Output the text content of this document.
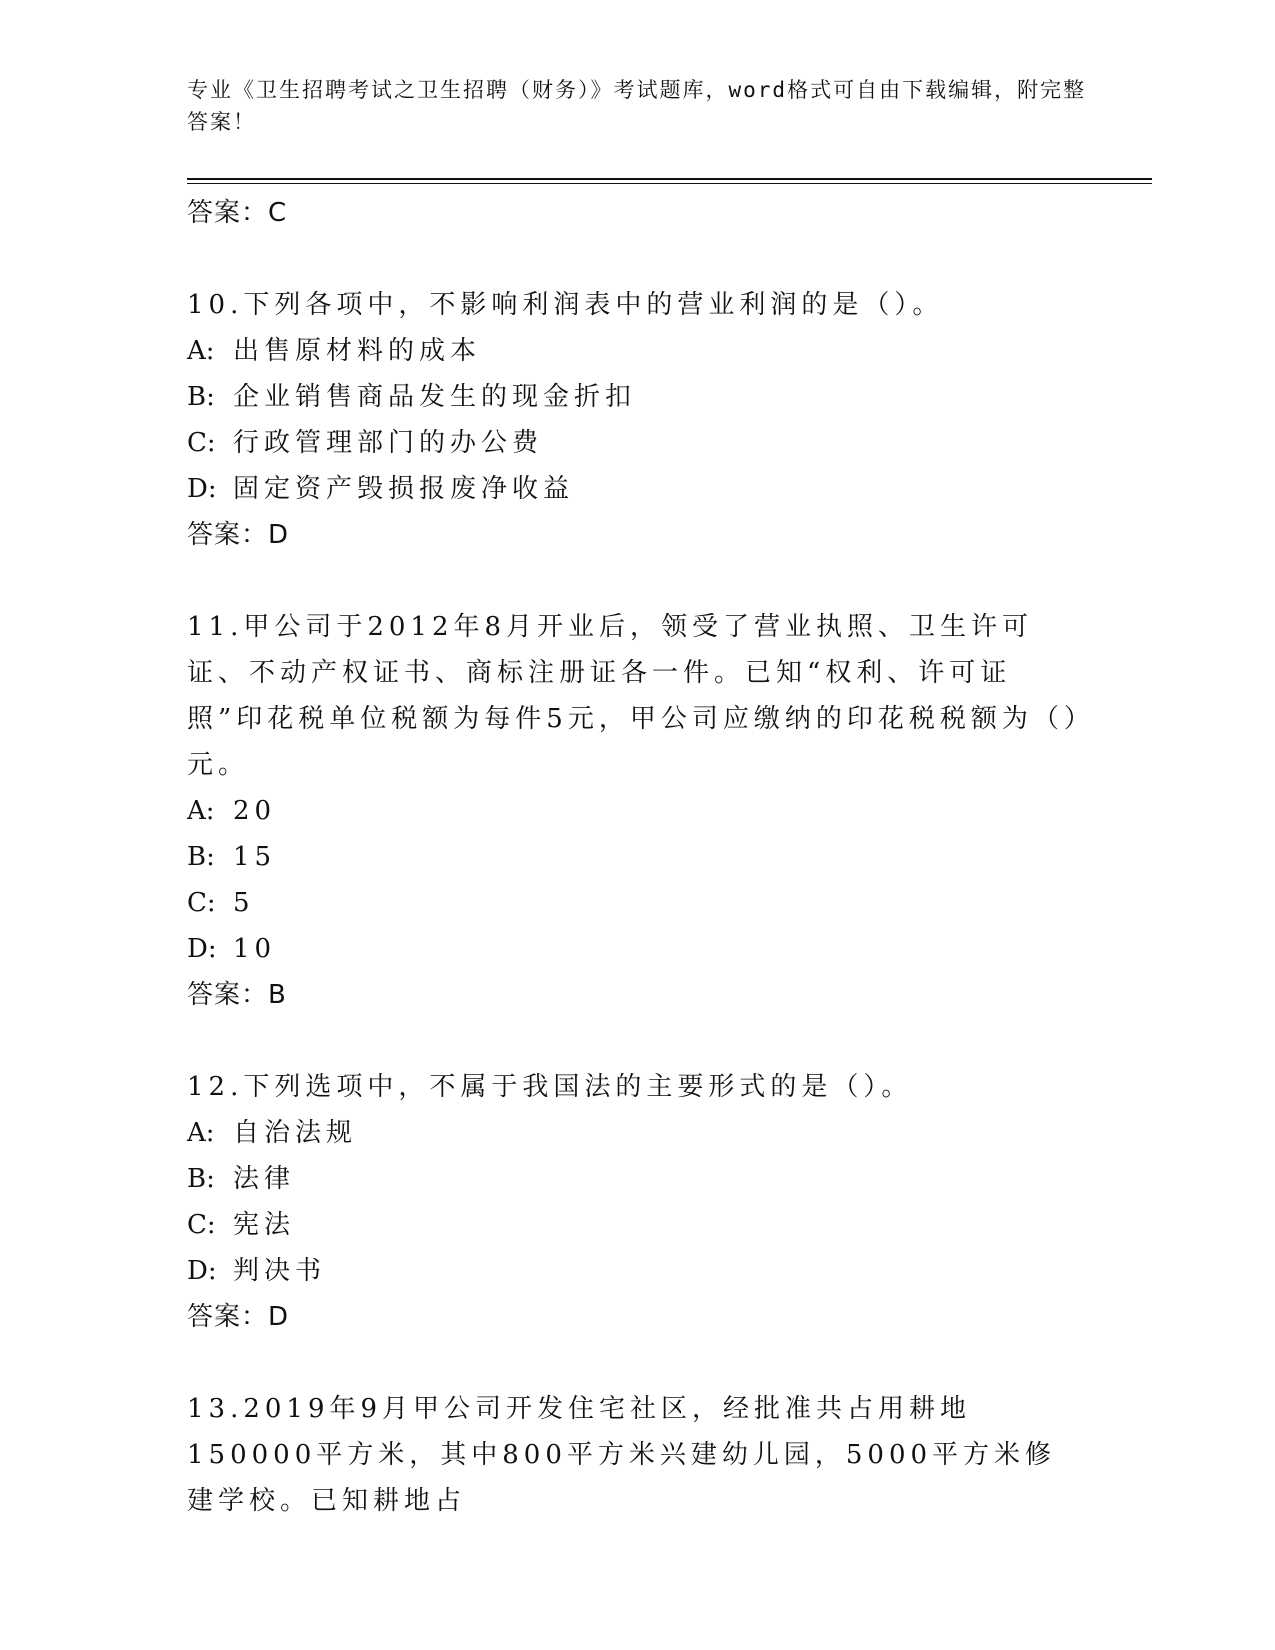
专业《卫生招聘考试之卫生招聘（财务）》考试题库，word格式可自由下载编辑，附完整答案！
答案：C
10.下列各项中，不影响利润表中的营业利润的是（）。
A: 出售原材料的成本
B: 企业销售商品发生的现金折扣
C: 行政管理部门的办公费
D: 固定资产毁损报废净收益
答案：D
11.甲公司于2012年8月开业后，领受了营业执照、卫生许可证、不动产权证书、商标注册证各一件。已知“权利、许可证照”印花税单位税额为每件5元，甲公司应缴纳的印花税税额为（）元。
A: 20
B: 15
C: 5
D: 10
答案：B
12.下列选项中，不属于我国法的主要形式的是（）。
A: 自治法规
B: 法律
C: 宪法
D: 判决书
答案：D
13.2019年9月甲公司开发住宅社区，经批准共占用耕地150000平方米，其中800平方米兴建幼儿园，5000平方米修建学校。已知耕地占
